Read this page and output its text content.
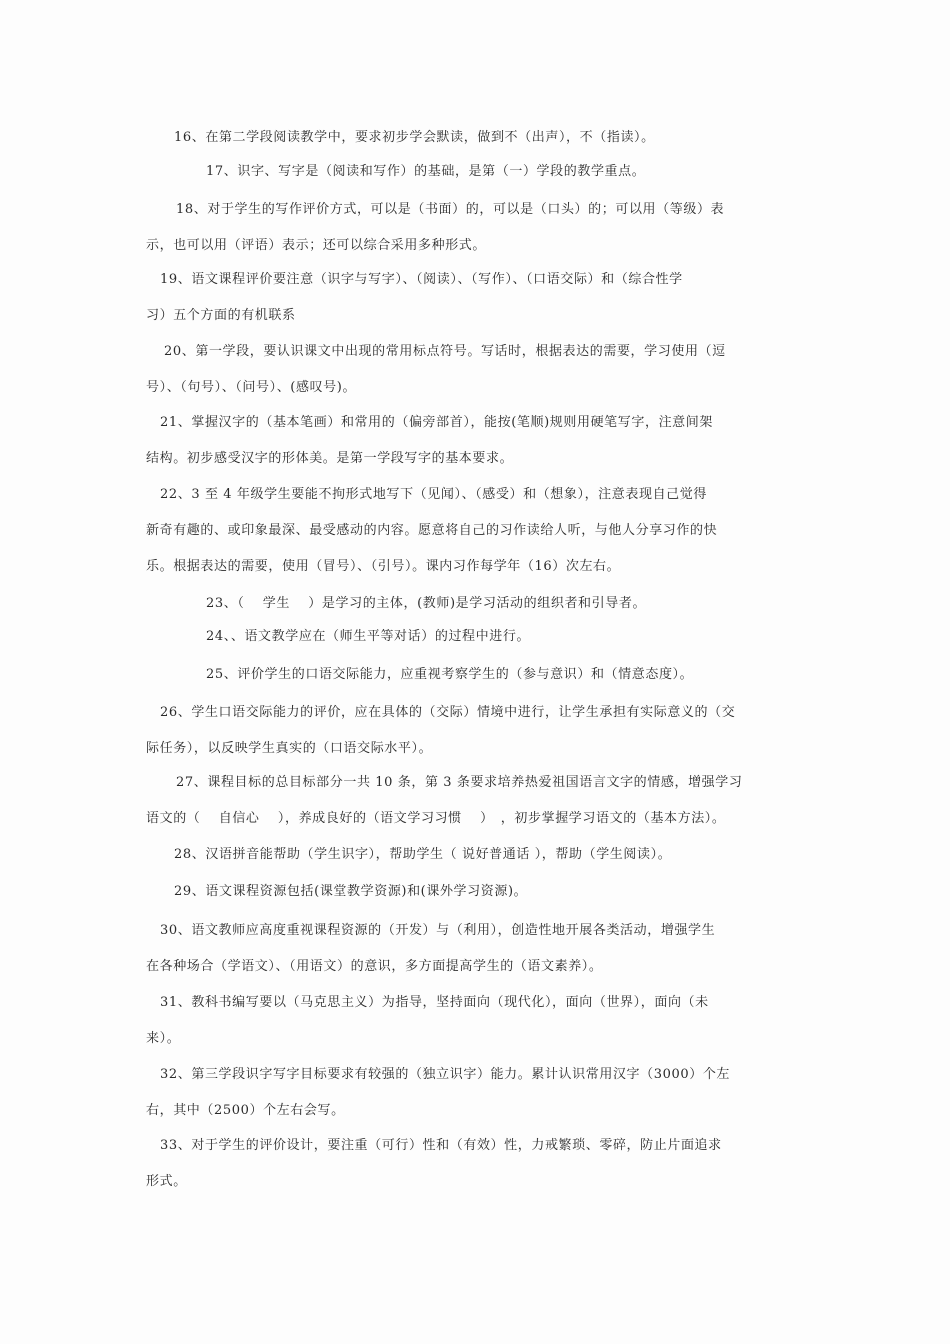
16、在第二学段阅读教学中，要求初步学会默读，做到不（出声），不（指读）。
17、识字、写字是（阅读和写作）的基础，是第（一）学段的教学重点。
18、对于学生的写作评价方式，可以是（书面）的，可以是（口头）的；可以用（等级）表
示，也可以用（评语）表示；还可以综合采用多种形式。
19、语文课程评价要注意（识字与写字）、（阅读）、（写作）、（口语交际）和（综合性学
习）五个方面的有机联系
20、第一学段，要认识课文中出现的常用标点符号。写话时，根据表达的需要，学习使用（逗
号）、（句号）、（问号）、(感叹号)。
21、掌握汉字的（基本笔画）和常用的（偏旁部首），能按(笔顺)规则用硬笔写字，注意间架
结构。初步感受汉字的形体美。是第一学段写字的基本要求。
22、3 至 4 年级学生要能不拘形式地写下（见闻）、（感受）和（想象），注意表现自己觉得
新奇有趣的、或印象最深、最受感动的内容。愿意将自己的习作读给人听，与他人分享习作的快
乐。根据表达的需要，使用（冒号）、（引号）。课内习作每学年（16）次左右。
23、（　 学生　 ）是学习的主体，(教师)是学习活动的组织者和引导者。
24、、语文教学应在（师生平等对话）的过程中进行。
25、评价学生的口语交际能力，应重视考察学生的（参与意识）和（情意态度）。
26、学生口语交际能力的评价，应在具体的（交际）情境中进行，让学生承担有实际意义的（交
际任务），以反映学生真实的（口语交际水平）。
27、课程目标的总目标部分一共 10 条，第 3 条要求培养热爱祖国语言文字的情感，增强学习
语文的（　 自信心　 ），养成良好的（语文学习习惯　 ）　，初步掌握学习语文的（基本方法）。
28、汉语拼音能帮助（学生识字），帮助学生（ 说好普通话 ），帮助（学生阅读）。
29、语文课程资源包括(课堂教学资源)和(课外学习资源)。
30、语文教师应高度重视课程资源的（开发）与（利用），创造性地开展各类活动，增强学生
在各种场合（学语文）、（用语文）的意识，多方面提高学生的（语文素养）。
31、教科书编写要以（马克思主义）为指导，坚持面向（现代化），面向（世界），面向（未
来）。
32、第三学段识字写字目标要求有较强的（独立识字）能力。累计认识常用汉字（3000）个左
右，其中（2500）个左右会写。
33、对于学生的评价设计，要注重（可行）性和（有效）性，力戒繁琐、零碎，防止片面追求
形式。
